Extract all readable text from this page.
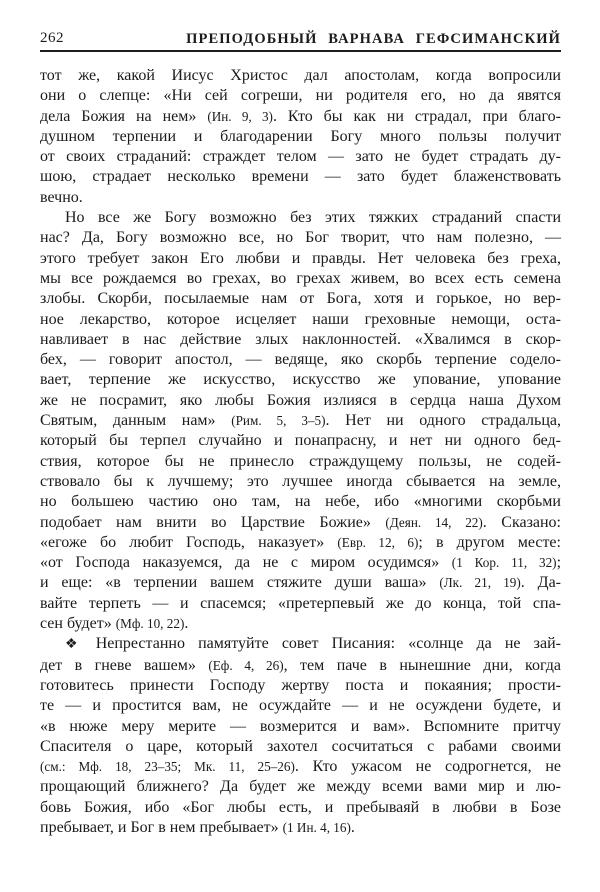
262	ПРЕПОДОБНЫЙ ВАРНАВА ГЕФСИМАНСКИЙ
тот же, какой Иисус Христос дал апостолам, когда вопросили
они о слепце: «Ни сей согреши, ни родителя его, но да явятся
дела Божия на нем» (Ин. 9, 3). Кто бы как ни страдал, при благо-
душном терпении и благодарении Богу много пользы получит
от своих страданий: страждет телом — зато не будет страдать ду-
шою, страдает несколько времени — зато будет блаженствовать
вечно.
Но все же Богу возможно без этих тяжких страданий спасти
нас? Да, Богу возможно все, но Бог творит, что нам полезно, —
этого требует закон Его любви и правды. Нет человека без греха,
мы все рождаемся во грехах, во грехах живем, во всех есть семена
злобы. Скорби, посылаемые нам от Бога, хотя и горькое, но вер-
ное лекарство, которое исцеляет наши греховные немощи, оста-
навливает в нас действие злых наклонностей. «Хвалимся в скор-
бех, — говорит апостол, — ведяще, яко скорбь терпение содело-
вает, терпение же искусство, искусство же упование, упование
же не посрамит, яко любы Божия излияся в сердца наша Духом
Святым, данным нам» (Рим. 5, 3–5). Нет ни одного страдальца,
который бы терпел случайно и понапрасну, и нет ни одного бед-
ствия, которое бы не принесло страждущему пользы, не содей-
ствовало бы к лучшему; это лучшее иногда сбывается на земле,
но большею частию оно там, на небе, ибо «многими скорбьми
подобает нам внити во Царствие Божие» (Деян. 14, 22). Сказано:
«егоже бо любит Господь, наказует» (Евр. 12, 6); в другом месте:
«от Господа наказуемся, да не с миром осудимся» (1 Кор. 11, 32);
и еще: «в терпении вашем стяжите души ваша» (Лк. 21, 19). Да-
вайте терпеть — и спасемся; «претерпевый же до конца, той спа-
сен будет» (Мф. 10, 22).
❖ Непрестанно памятуйте совет Писания: «солнце да не зай-
дет в гневе вашем» (Еф. 4, 26), тем паче в нынешние дни, когда
готовитесь принести Господу жертву поста и покаяния; прости-
те — и простится вам, не осуждайте — и не осуждени будете, и
«в нюже меру мерите — возмерится и вам». Вспомните притчу
Спасителя о царе, который захотел сосчитаться с рабами своими
(см.: Мф. 18, 23–35; Мк. 11, 25–26). Кто ужасом не содрогнется, не
прощающий ближнего? Да будет же между всеми вами мир и лю-
бовь Божия, ибо «Бог любы есть, и пребываяй в любви в Бозе
пребывает, и Бог в нем пребывает» (1 Ин. 4, 16).
